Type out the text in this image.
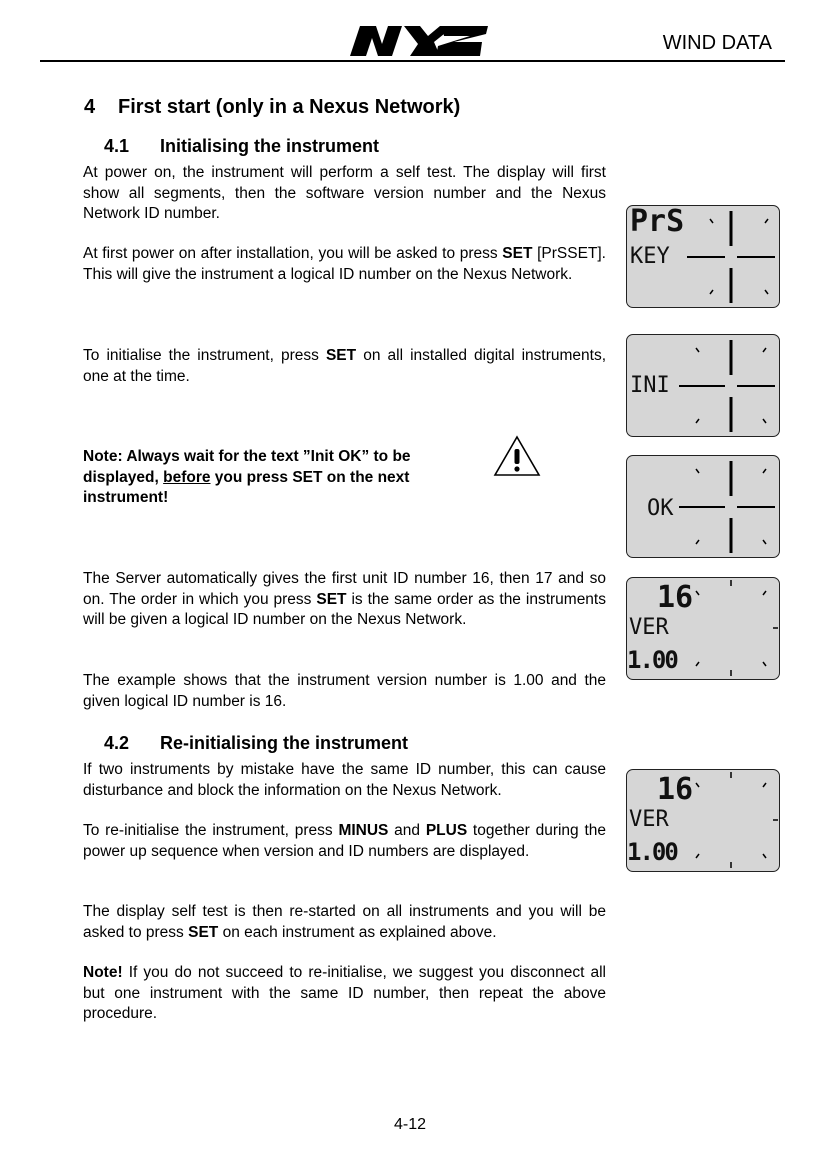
WIND DATA
4 First start (only in a Nexus Network)
4.1 Initialising the instrument

At power on, the instrument will perform a self test. The display will first show all segments, then the software version number and the Nexus Network ID number.

At first power on after installation, you will be asked to press SET [PrSSET]. This will give the instrument a logical ID number on the Nexus Network.

To initialise the instrument, press SET on all installed digital instruments, one at the time.

Note: Always wait for the text ”Init OK” to be displayed, before you press SET on the next instrument!

The Server automatically gives the first unit ID number 16, then 17 and so on. The order in which you press SET is the same order as the instruments will be given a logical ID number on the Nexus Network.

The example shows that the instrument version number is 1.00 and the given logical ID number is 16.

4.2 Re-initialising the instrument

If two instruments by mistake have the same ID number, this can cause disturbance and block the information on the Nexus Network.

To re-initialise the instrument, press MINUS and PLUS together during the power up sequence when version and ID numbers are displayed.

The display self test is then re-started on all instruments and you will be asked to press SET on each instrument as explained above.

Note! If you do not succeed to re-initialise, we suggest you disconnect all but one instrument with the same ID number, then repeat the above procedure.

PrS
KEY
INI
OK
16
VER
1.00
16
VER
1.00
4-12
